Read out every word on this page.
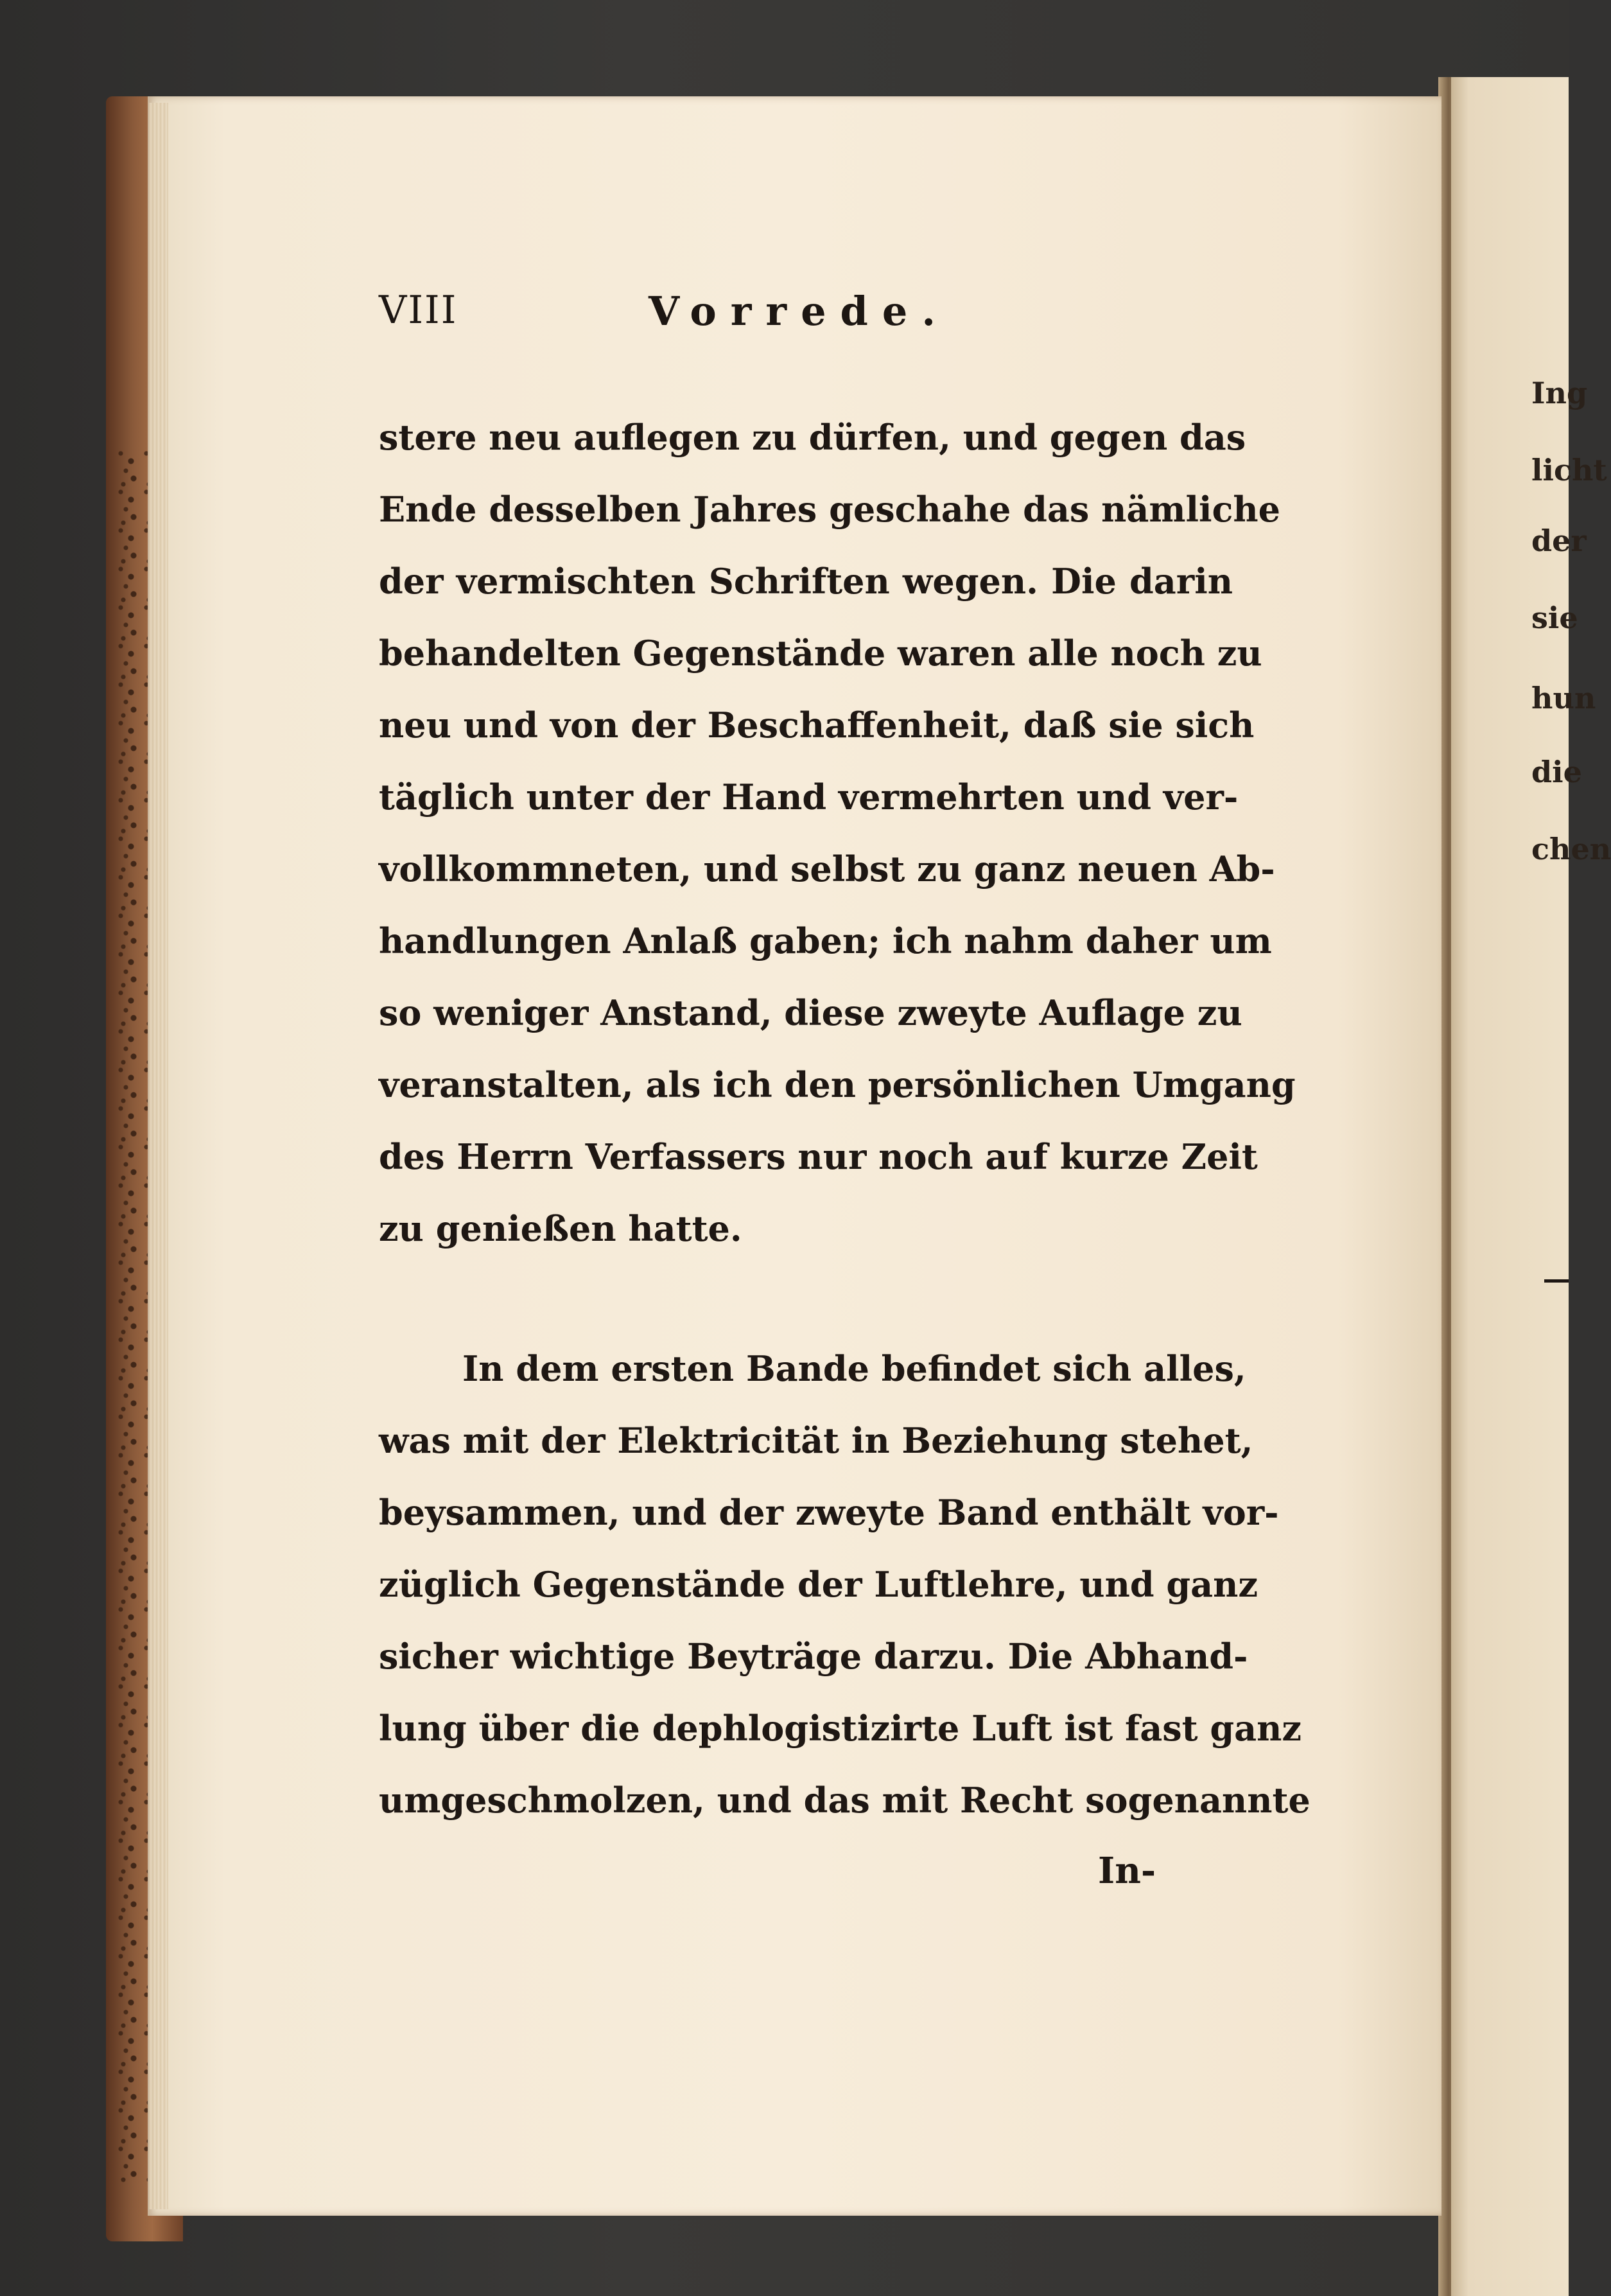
VIII	Vorrede.
stere neu auflegen zu dürfen, und gegen das
Ende desselben Jahres geschahe das nämliche
der vermischten Schriften wegen. Die darin
behandelten Gegenstände waren alle noch zu
neu und von der Beschaffenheit, daß sie sich
täglich unter der Hand vermehrten und ver-
vollkommneten, und selbst zu ganz neuen Ab-
handlungen Anlaß gaben; ich nahm daher um
so weniger Anstand, diese zweyte Auflage zu
veranstalten, als ich den persönlichen Umgang
des Herrn Verfassers nur noch auf kurze Zeit
zu genießen hatte.
In dem ersten Bande befindet sich alles,
was mit der Elektricität in Beziehung stehet,
beysammen, und der zweyte Band enthält vor-
züglich Gegenstände der Luftlehre, und ganz
sicher wichtige Beyträge darzu. Die Abhand-
lung über die dephlogistizirte Luft ist fast ganz
umgeschmolzen, und das mit Recht sogenannte
In-
Ing
licht
der
sie
hun
die
chen
